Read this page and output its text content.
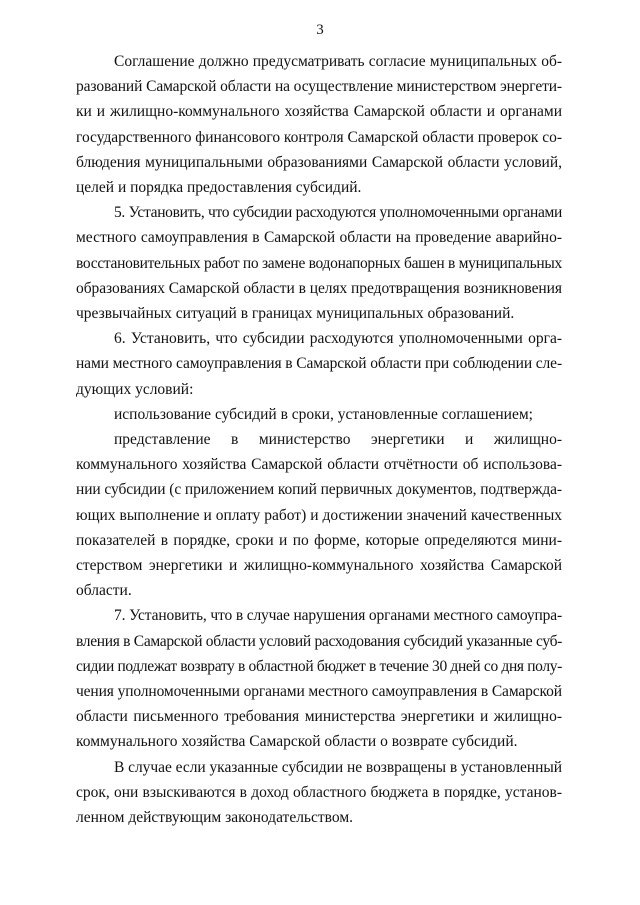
3
Соглашение должно предусматривать согласие муниципальных об-
разований Самарской области на осуществление министерством энергети-
ки и жилищно-коммунального хозяйства Самарской области и органами
государственного финансового контроля Самарской области проверок со-
блюдения муниципальными образованиями Самарской области условий,
целей и порядка предоставления субсидий.
5. Установить, что субсидии расходуются уполномоченными органами
местного самоуправления в Самарской области на проведение аварийно-
восстановительных работ по замене водонапорных башен в муниципальных
образованиях Самарской области в целях предотвращения возникновения
чрезвычайных ситуаций в границах муниципальных образований.
6. Установить, что субсидии расходуются уполномоченными орга-
нами местного самоуправления в Самарской области при соблюдении сле-
дующих условий:
использование субсидий в сроки, установленные соглашением;
представление в министерство энергетики и жилищно-
коммунального хозяйства Самарской области отчётности об использова-
нии субсидии (с приложением копий первичных документов, подтвержда-
ющих выполнение и оплату работ) и достижении значений качественных
показателей в порядке, сроки и по форме, которые определяются мини-
стерством энергетики и жилищно-коммунального хозяйства Самарской
области.
7. Установить, что в случае нарушения органами местного самоупра-
вления в Самарской области условий расходования субсидий указанные суб-
сидии подлежат возврату в областной бюджет в течение 30 дней со дня полу-
чения уполномоченными органами местного самоуправления в Самарской
области письменного требования министерства энергетики и жилищно-
коммунального хозяйства Самарской области о возврате субсидий.
В случае если указанные субсидии не возвращены в установленный
срок, они взыскиваются в доход областного бюджета в порядке, установ-
ленном действующим законодательством.
